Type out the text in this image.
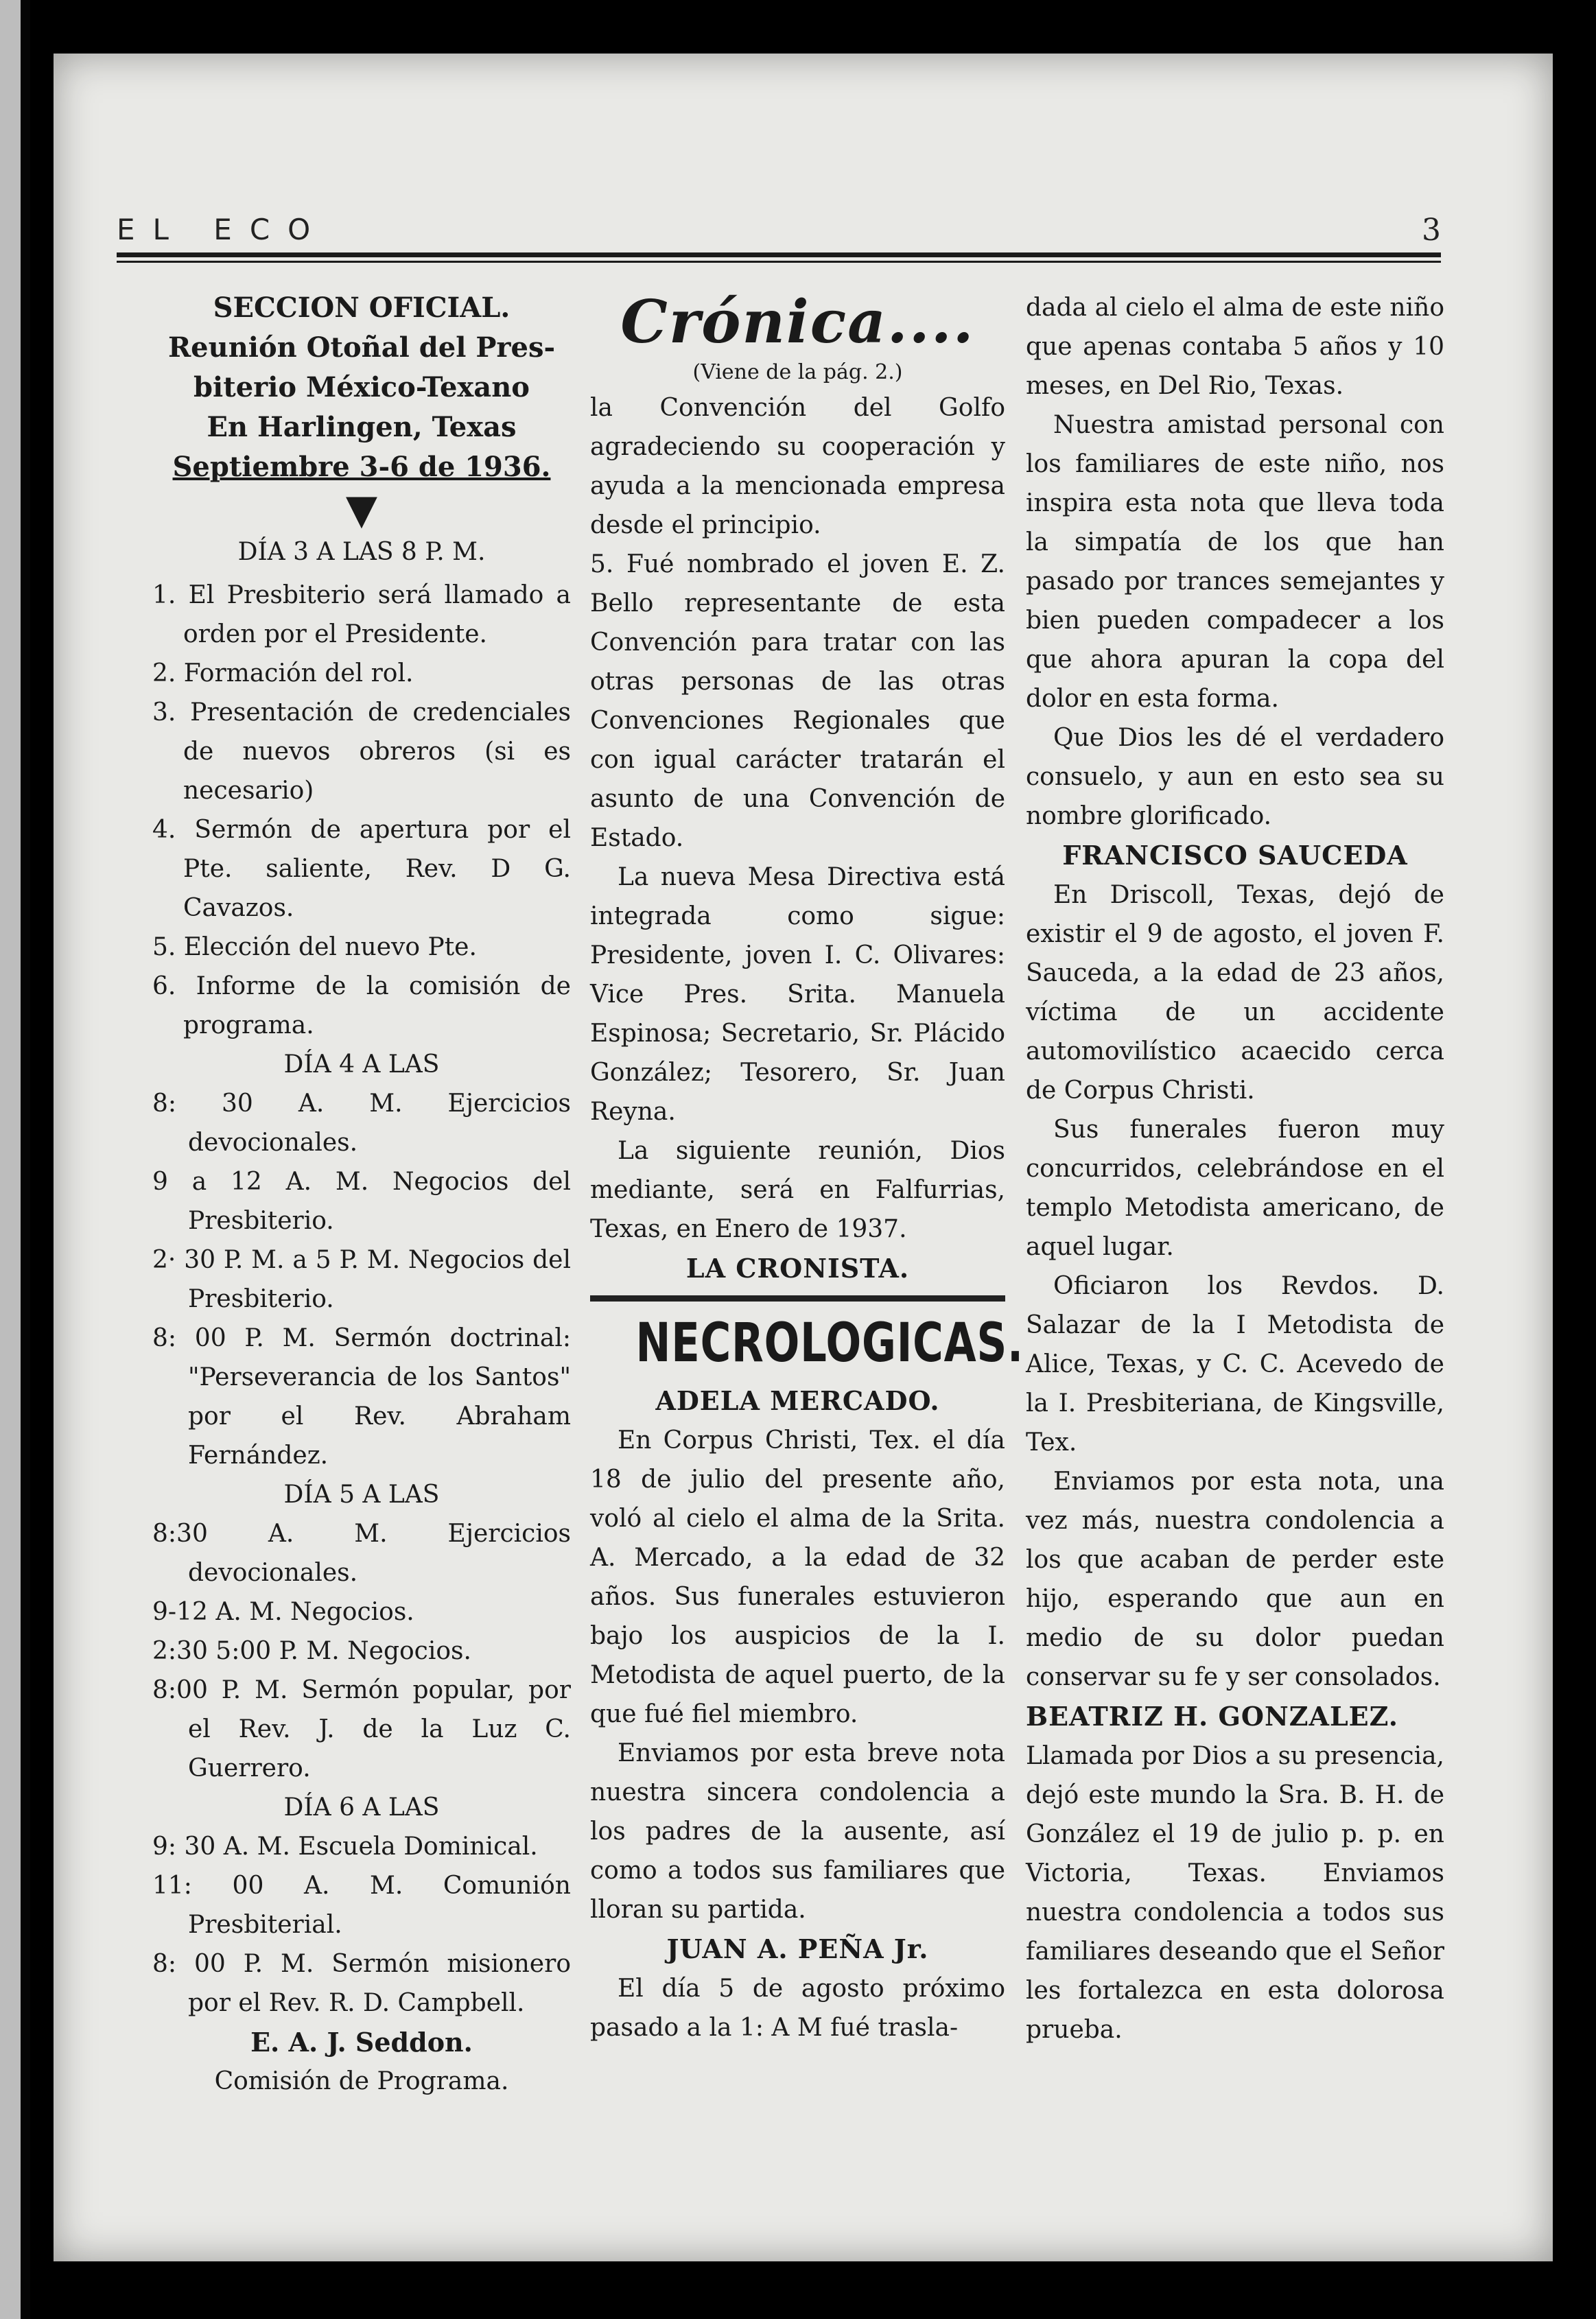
EL ECO	3

SECCION OFICIAL.

Reunión Otoñal del Pres-

biterio México-Texano

En Harlingen, Texas

Septiembre 3-6 de 1936.

▼

DÍA 3 A LAS 8 P. M.

1. El Presbiterio será llamado a orden por el Presidente.

2. Formación del rol.

3. Presentación de credenciales de nuevos obreros (si es necesario)

4. Sermón de apertura por el Pte. saliente, Rev. D G. Cavazos.

5. Elección del nuevo Pte.

6. Informe de la comisión de programa.

DÍA 4 A LAS

8: 30 A. M. Ejercicios devocionales.

9 a 12 A. M. Negocios del Presbiterio.

2· 30 P. M. a 5 P. M. Negocios del Presbiterio.

8: 00 P. M. Sermón doctrinal: "Perseverancia de los Santos" por el Rev. Abraham Fernández.

DÍA 5 A LAS

8:30 A. M. Ejercicios devocionales.

9-12 A. M. Negocios.

2:30 5:00 P. M. Negocios.

8:00 P. M. Sermón popular, por el Rev. J. de la Luz C. Guerrero.

DÍA 6 A LAS

9: 30 A. M. Escuela Dominical.

11: 00 A. M. Comunión Presbiterial.

8: 00 P. M. Sermón misionero por el Rev. R. D. Campbell.

E. A. J. Seddon.

Comisión de Programa.

Crónica....

(Viene de la pág. 2.)

la Convención del Golfo agradeciendo su cooperación y ayuda a la mencionada empresa desde el principio.

5. Fué nombrado el joven E. Z. Bello representante de esta Convención para tratar con las otras personas de las otras Convenciones Regionales que con igual carácter tratarán el asunto de una Convención de Estado.

La nueva Mesa Directiva está integrada como sigue: Presidente, joven I. C. Olivares: Vice Pres. Srita. Manuela Espinosa; Secretario, Sr. Plácido González; Tesorero, Sr. Juan Reyna.

La siguiente reunión, Dios mediante, será en Falfurrias, Texas, en Enero de 1937.

LA CRONISTA.

NECROLOGICAS.

ADELA MERCADO.

En Corpus Christi, Tex. el día 18 de julio del presente año, voló al cielo el alma de la Srita. A. Mercado, a la edad de 32 años. Sus funerales estuvieron bajo los auspicios de la I. Metodista de aquel puerto, de la que fué fiel miembro.

Enviamos por esta breve nota nuestra sincera condolencia a los padres de la ausente, así como a todos sus familiares que lloran su partida.

JUAN A. PEÑA Jr.

El día 5 de agosto próximo pasado a la 1: A M fué trasla-

dada al cielo el alma de este niño que apenas contaba 5 años y 10 meses, en Del Rio, Texas.

Nuestra amistad personal con los familiares de este niño, nos inspira esta nota que lleva toda la simpatía de los que han pasado por trances semejantes y bien pueden compadecer a los que ahora apuran la copa del dolor en esta forma.

Que Dios les dé el verdadero consuelo, y aun en esto sea su nombre glorificado.

FRANCISCO SAUCEDA

En Driscoll, Texas, dejó de existir el 9 de agosto, el joven F. Sauceda, a la edad de 23 años, víctima de un accidente automovilístico acaecido cerca de Corpus Christi.

Sus funerales fueron muy concurridos, celebrándose en el templo Metodista americano, de aquel lugar.

Oficiaron los Revdos. D. Salazar de la I Metodista de Alice, Texas, y C. C. Acevedo de la I. Presbiteriana, de Kingsville, Tex.

Enviamos por esta nota, una vez más, nuestra condolencia a los que acaban de perder este hijo, esperando que aun en medio de su dolor puedan conservar su fe y ser consolados.

BEATRIZ H. GONZALEZ.

Llamada por Dios a su presencia, dejó este mundo la Sra. B. H. de González el 19 de julio p. p. en Victoria, Texas. Enviamos nuestra condolencia a todos sus familiares deseando que el Señor les fortalezca en esta dolorosa prueba.
